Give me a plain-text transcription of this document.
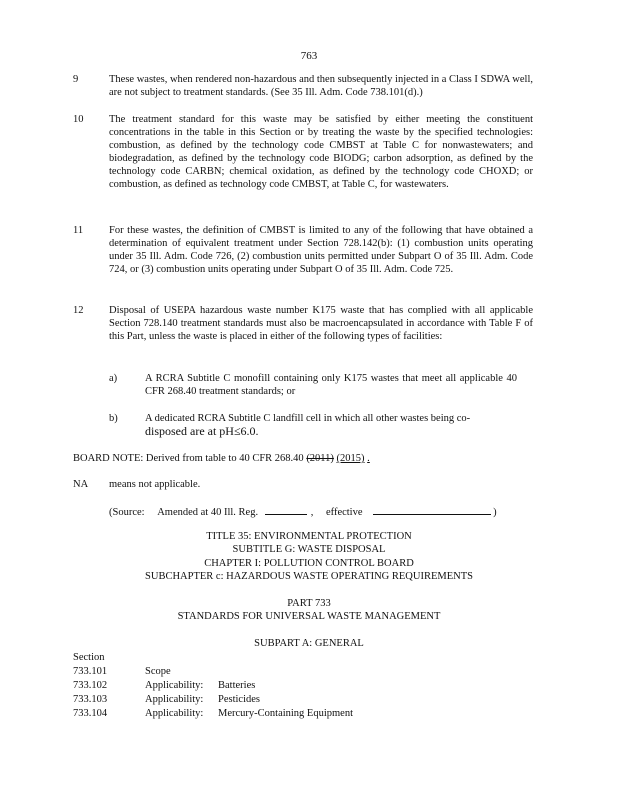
763
9	These wastes, when rendered non-hazardous and then subsequently injected in a Class I SDWA well, are not subject to treatment standards. (See 35 Ill. Adm. Code 738.101(d).)
10 The treatment standard for this waste may be satisfied by either meeting the constituent concentrations in the table in this Section or by treating the waste by the specified technologies: combustion, as defined by the technology code CMBST at Table C for nonwastewaters; and biodegradation, as defined by the technology code BIODG; carbon adsorption, as defined by the technology code CARBN; chemical oxidation, as defined by the technology code CHOXD; or combustion, as defined as technology code CMBST, at Table C, for wastewaters.
11 For these wastes, the definition of CMBST is limited to any of the following that have obtained a determination of equivalent treatment under Section 728.142(b): (1) combustion units operating under 35 Ill. Adm. Code 726, (2) combustion units permitted under Subpart O of 35 Ill. Adm. Code 724, or (3) combustion units operating under Subpart O of 35 Ill. Adm. Code 725.
12 Disposal of USEPA hazardous waste number K175 waste that has complied with all applicable Section 728.140 treatment standards must also be macroencapsulated in accordance with Table F of this Part, unless the waste is placed in either of the following types of facilities:
a)	A RCRA Subtitle C monofill containing only K175 wastes that meet all applicable 40 CFR 268.40 treatment standards; or
b)	A dedicated RCRA Subtitle C landfill cell in which all other wastes being co-
disposed are at pH≤6.0.
BOARD NOTE: Derived from table to 40 CFR 268.40 (2011) (2015) .
NA means not applicable.
(Source: Amended at 40 Ill. Reg.	, effective	)
TITLE 35: ENVIRONMENTAL PROTECTION
SUBTITLE G: WASTE DISPOSAL
CHAPTER I: POLLUTION CONTROL BOARD
SUBCHAPTER c: HAZARDOUS WASTE OPERATING REQUIREMENTS
PART 733
STANDARDS FOR UNIVERSAL WASTE MANAGEMENT
SUBPART A: GENERAL
Section
733.101	Scope
733.102	Applicability: Batteries
733.103	Applicability: Pesticides
733.104	Applicability: Mercury-Containing Equipment
